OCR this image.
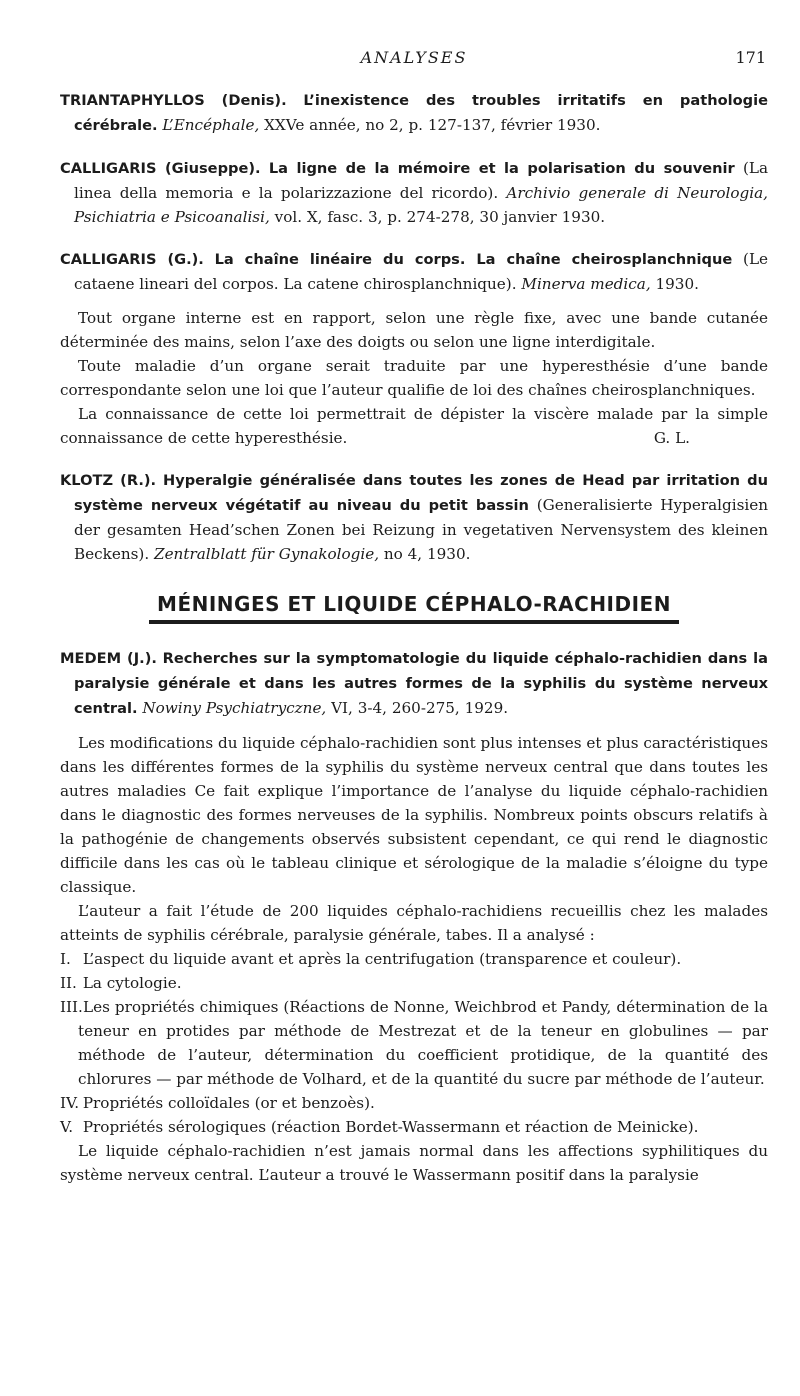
ANALYSES	171
TRIANTAPHYLLOS (Denis). L’inexistence des troubles irritatifs en pathologie cérébrale. L’Encéphale, XXVe année, no 2, p. 127-137, février 1930.
CALLIGARIS (Giuseppe). La ligne de la mémoire et la polarisation du souvenir (La linea della memoria e la polarizzazione del ricordo). Archivio generale di Neurologia, Psichiatria e Psicoanalisi, vol. X, fasc. 3, p. 274-278, 30 janvier 1930.
CALLIGARIS (G.). La chaîne linéaire du corps. La chaîne cheirosplanchnique (Le cataene lineari del corpos. La catene chirosplanchnique). Minerva medica, 1930.

Tout organe interne est en rapport, selon une règle fixe, avec une bande cutanée déterminée des mains, selon l’axe des doigts ou selon une ligne interdigitale.

Toute maladie d’un organe serait traduite par une hyperesthésie d’une bande correspondante selon une loi que l’auteur qualifie de loi des chaînes cheirosplanchniques.

La connaissance de cette loi permettrait de dépister la viscère malade par la simple connaissance de cette hyperesthésie.	G. L.

KLOTZ (R.). Hyperalgie généralisée dans toutes les zones de Head par irritation du système nerveux végétatif au niveau du petit bassin (Generalisierte Hyperalgisien der gesamten Head’schen Zonen bei Reizung in vegetativen Nervensystem des kleinen Beckens). Zentralblatt für Gynakologie, no 4, 1930.
MÉNINGES ET LIQUIDE CÉPHALO-RACHIDIEN
MEDEM (J.). Recherches sur la symptomatologie du liquide céphalo-rachidien dans la paralysie générale et dans les autres formes de la syphilis du système nerveux central. Nowiny Psychiatryczne, VI, 3-4, 260-275, 1929.

Les modifications du liquide céphalo-rachidien sont plus intenses et plus caractéristiques dans les différentes formes de la syphilis du système nerveux central que dans toutes les autres maladies Ce fait explique l’importance de l’analyse du liquide céphalo-rachidien dans le diagnostic des formes nerveuses de la syphilis. Nombreux points obscurs relatifs à la pathogénie de changements observés subsistent cependant, ce qui rend le diagnostic difficile dans les cas où le tableau clinique et sérologique de la maladie s’éloigne du type classique.

L’auteur a fait l’étude de 200 liquides céphalo-rachidiens recueillis chez les malades atteints de syphilis cérébrale, paralysie générale, tabes. Il a analysé :

I. L’aspect du liquide avant et après la centrifugation (transparence et couleur).
II. La cytologie.
III. Les propriétés chimiques (Réactions de Nonne, Weichbrod et Pandy, détermination de la teneur en protides par méthode de Mestrezat et de la teneur en globulines — par méthode de l’auteur, détermination du coefficient protidique, de la quantité des chlorures — par méthode de Volhard, et de la quantité du sucre par méthode de l’auteur.
IV. Propriétés colloïdales (or et benzoès).
V. Propriétés sérologiques (réaction Bordet-Wassermann et réaction de Meinicke).

Le liquide céphalo-rachidien n’est jamais normal dans les affections syphilitiques du système nerveux central. L’auteur a trouvé le Wassermann positif dans la paralysie
